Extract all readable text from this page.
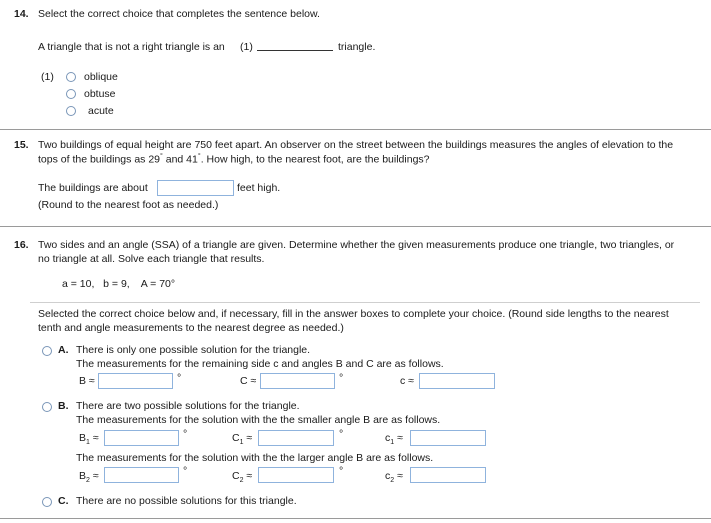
14. Select the correct choice that completes the sentence below.
A triangle that is not a right triangle is an (1)	triangle.
(1)	oblique
obtuse
acute
15. Two buildings of equal height are 750 feet apart. An observer on the street between the buildings measures the angles of elevation to the
tops of the buildings as 29° and 41°. How high, to the nearest foot, are the buildings?
The buildings are about	feet high.
(Round to the nearest foot as needed.)
16. Two sides and an angle (SSA) of a triangle are given. Determine whether the given measurements produce one triangle, two triangles, or
no triangle at all. Solve each triangle that results.
a = 10,   b = 9,    A = 70°
Selected the correct choice below and, if necessary, fill in the answer boxes to complete your choice. (Round side lengths to the nearest
tenth and angle measurements to the nearest degree as needed.)
A. There is only one possible solution for the triangle.
The measurements for the remaining side c and angles B and C are as follows.
B ≈	°	C ≈	°	c ≈
B. There are two possible solutions for the triangle.
The measurements for the solution with the the smaller angle B are as follows.
$B_1$ ≈	°	$C_1$ ≈	°	$c_1$ ≈
The measurements for the solution with the the larger angle B are as follows.
$B_2$ ≈	°	$C_2$ ≈	°	$c_2$ ≈
C. There are no possible solutions for this triangle.
